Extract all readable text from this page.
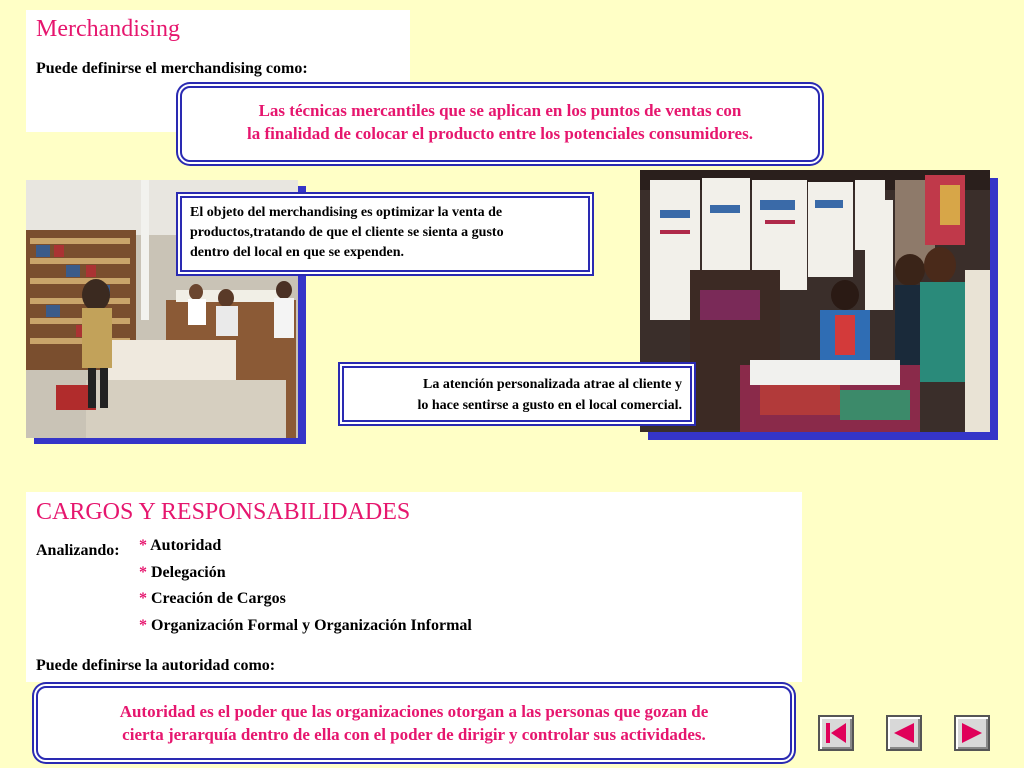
Merchandising

Puede definirse el merchandising como:

Las técnicas mercantiles que se aplican en los puntos de ventas con

la finalidad de colocar el producto entre los potenciales consumidores.

El objeto del merchandising es optimizar la venta de

productos,tratando de que el cliente se sienta a gusto

dentro del local en que se expenden.

La atención personalizada atrae al cliente y

lo hace sentirse a gusto en el local comercial.

CARGOS Y RESPONSABILIDADES

Analizando: * Autoridad
* Delegación
* Creación de Cargos
* Organización Formal y Organización Informal

Puede definirse la autoridad como:

Autoridad es el poder que las organizaciones otorgan a las personas que gozan de

cierta jerarquía dentro de ella con el poder de dirigir y controlar sus actividades.
